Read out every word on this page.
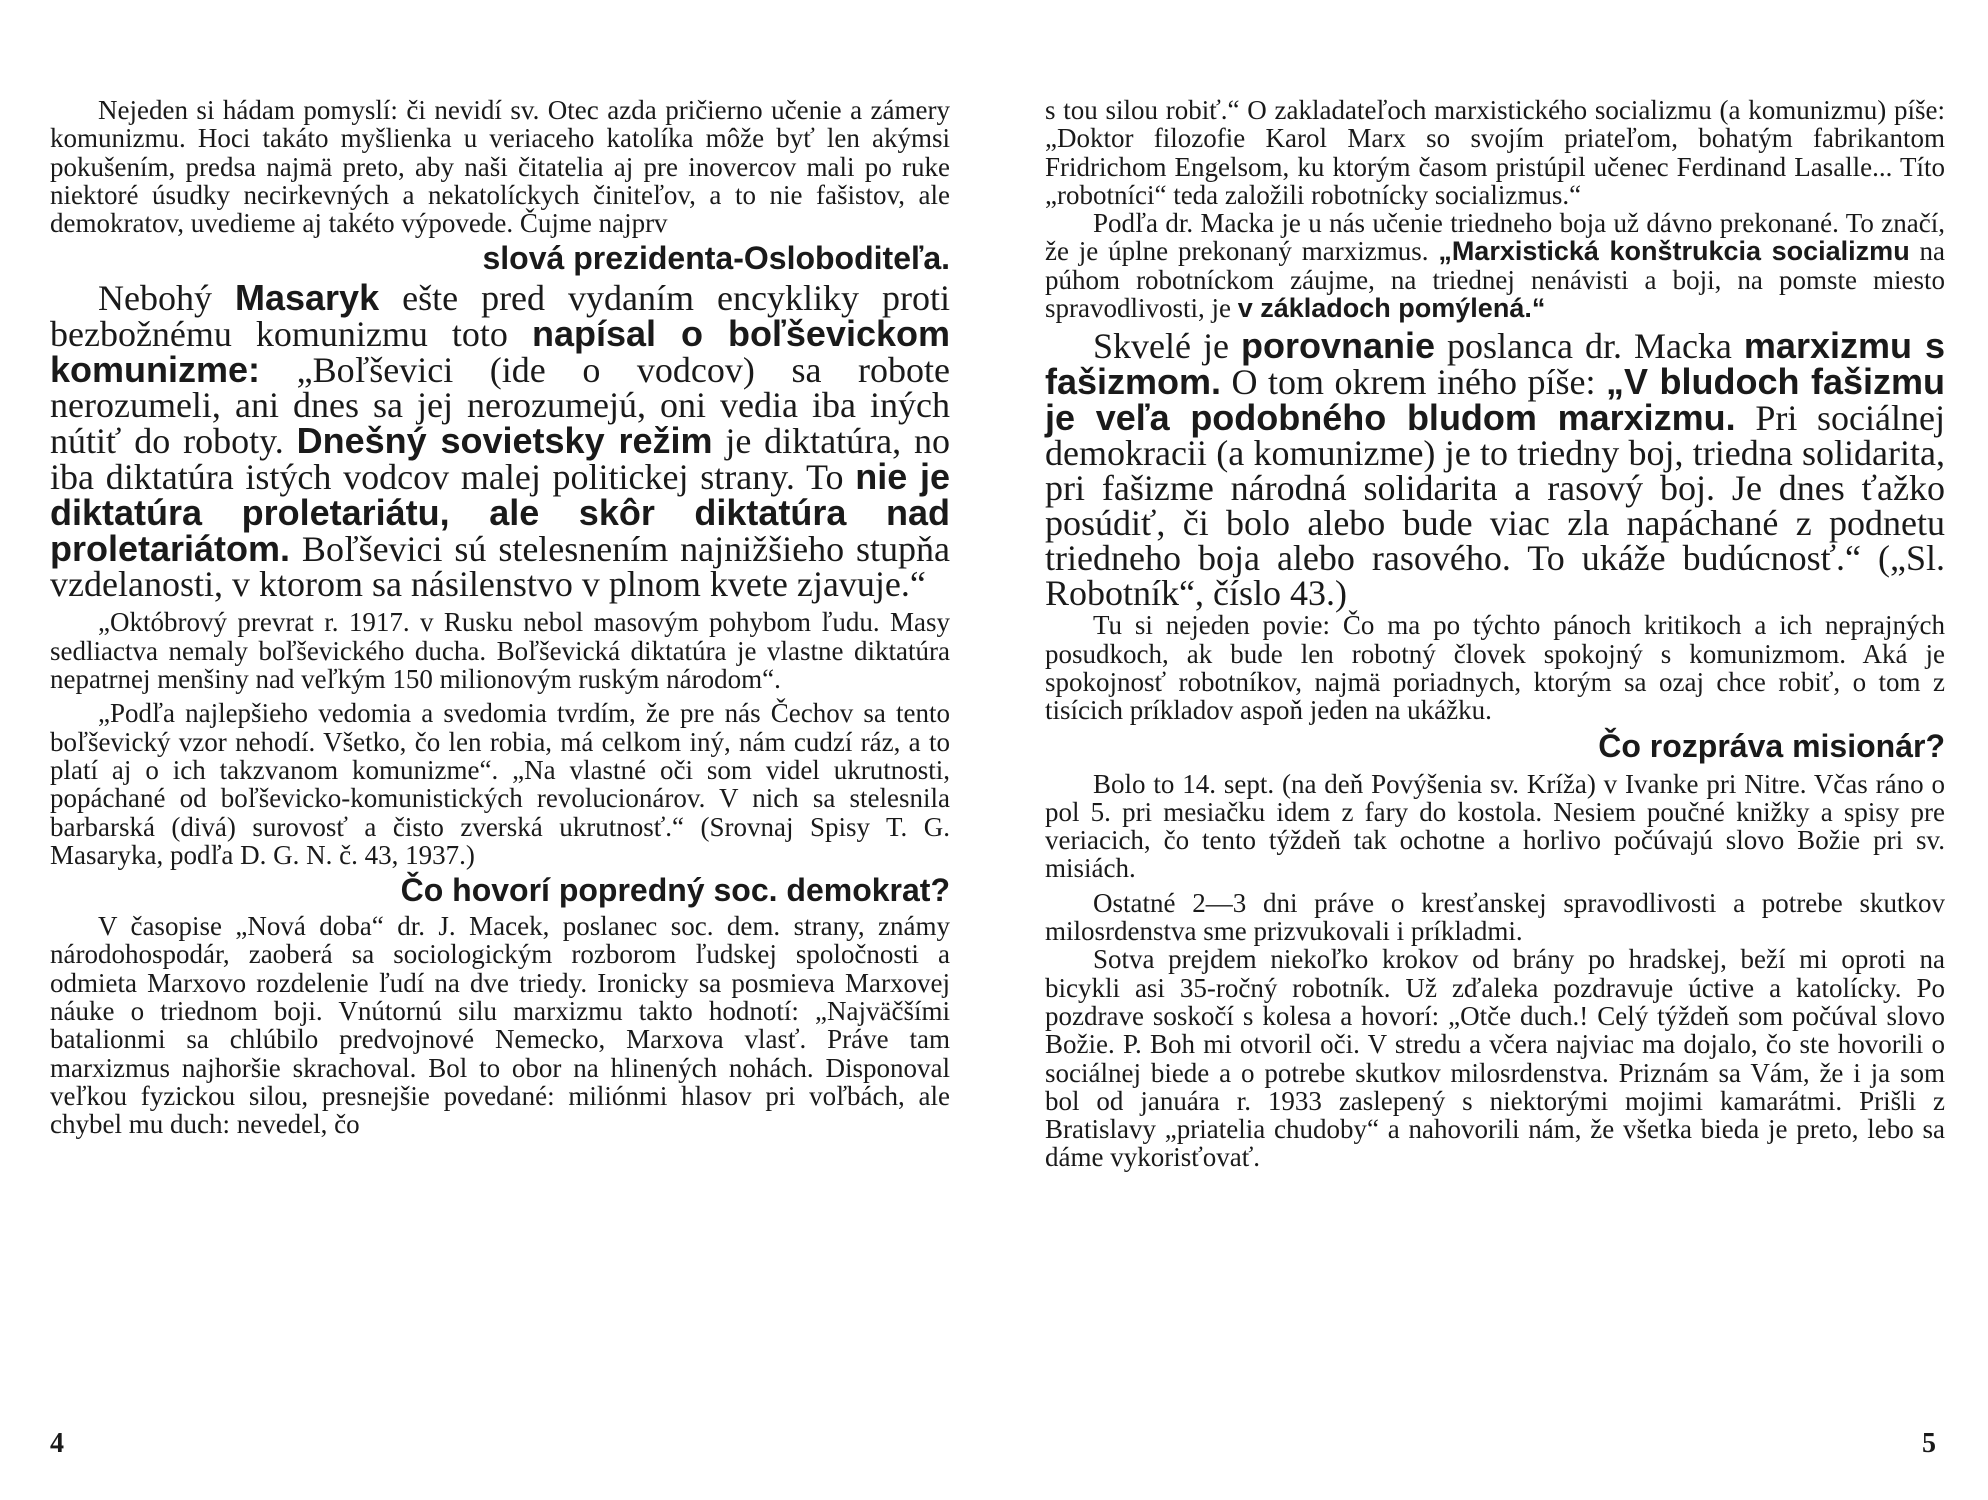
Nejeden si hádam pomyslí: či nevidí sv. Otec azda pričierno učenie a zámery komunizmu. Hoci takáto myšlienka u veriaceho katolíka môže byť len akýmsi pokušením, predsa najmä preto, aby naši čitatelia aj pre inovercov mali po ruke niektoré úsudky necirkevných a nekatolíckych činiteľov, a to nie fašistov, ale demokratov, uvedieme aj takéto výpovede. Čujme najprv

slová prezidenta-Osloboditeľa.

Nebohý Masaryk ešte pred vydaním encykliky proti bezbožnému komunizmu toto napísal o boľševickom komunizme: „Boľševici (ide o vodcov) sa robote nerozumeli, ani dnes sa jej nerozumejú, oni vedia iba iných nútiť do roboty. Dnešný sovietsky režim je diktatúra, no iba diktatúra istých vodcov malej politickej strany. To nie je diktatúra proletariátu, ale skôr diktatúra nad proletariátom. Boľševici sú stelesnením najnižšieho stupňa vzdelanosti, v ktorom sa násilenstvo v plnom kvete zjavuje.“

„Októbrový prevrat r. 1917. v Rusku nebol masovým pohybom ľudu. Masy sedliactva nemaly boľševického ducha. Boľševická diktatúra je vlastne diktatúra nepatrnej menšiny nad veľkým 150 milionovým ruským národom“.

„Podľa najlepšieho vedomia a svedomia tvrdím, že pre nás Čechov sa tento boľševický vzor nehodí. Všetko, čo len robia, má celkom iný, nám cudzí ráz, a to platí aj o ich takzvanom komunizme“. „Na vlastné oči som videl ukrutnosti, popáchané od boľševicko-komunistických revolucionárov. V nich sa stelesnila barbarská (divá) surovosť a čisto zverská ukrutnosť.“ (Srovnaj Spisy T. G. Masaryka, podľa D. G. N. č. 43, 1937.)

Čo hovorí popredný soc. demokrat?

V časopise „Nová doba“ dr. J. Macek, poslanec soc. dem. strany, známy národohospodár, zaoberá sa sociologickým rozborom ľudskej spoločnosti a odmieta Marxovo rozdelenie ľudí na dve triedy. Ironicky sa posmieva Marxovej náuke o triednom boji. Vnútornú silu marxizmu takto hodnotí: „Najväčšími batalionmi sa chlúbilo predvojnové Nemecko, Marxova vlasť. Práve tam marxizmus najhoršie skrachoval. Bol to obor na hlinených nohách. Disponoval veľkou fyzickou silou, presnejšie povedané: miliónmi hlasov pri voľbách, ale chybel mu duch: nevedel, čo

4

s tou silou robiť.“ O zakladateľoch marxistického socializmu (a komunizmu) píše: „Doktor filozofie Karol Marx so svojím priateľom, bohatým fabrikantom Fridrichom Engelsom, ku ktorým časom pristúpil učenec Ferdinand Lasalle... Títo „robotníci“ teda založili robotnícky socializmus.“

Podľa dr. Macka je u nás učenie triedneho boja už dávno prekonané. To značí, že je úplne prekonaný marxizmus. „Marxistická konštrukcia socializmu na púhom robotníckom záujme, na triednej nenávisti a boji, na pomste miesto spravodlivosti, je v základoch pomýlená.“

Skvelé je porovnanie poslanca dr. Macka marxizmu s fašizmom. O tom okrem iného píše: „V bludoch fašizmu je veľa podobného bludom marxizmu. Pri sociálnej demokracii (a komunizme) je to triedny boj, triedna solidarita, pri fašizme národná solidarita a rasový boj. Je dnes ťažko posúdiť, či bolo alebo bude viac zla napáchané z podnetu triedneho boja alebo rasového. To ukáže budúcnosť.“ („Sl. Robotník“, číslo 43.)

Tu si nejeden povie: Čo ma po týchto pánoch kritikoch a ich neprajných posudkoch, ak bude len robotný človek spokojný s komunizmom. Aká je spokojnosť robotníkov, najmä poriadnych, ktorým sa ozaj chce robiť, o tom z tisícich príkladov aspoň jeden na ukážku.

Čo rozpráva misionár?

Bolo to 14. sept. (na deň Povýšenia sv. Kríža) v Ivanke pri Nitre. Včas ráno o pol 5. pri mesiačku idem z fary do kostola. Nesiem poučné knižky a spisy pre veriacich, čo tento týždeň tak ochotne a horlivo počúvajú slovo Božie pri sv. misiách.

Ostatné 2—3 dni práve o kresťanskej spravodlivosti a potrebe skutkov milosrdenstva sme prizvukovali i príkladmi.

Sotva prejdem niekoľko krokov od brány po hradskej, beží mi oproti na bicykli asi 35-ročný robotník. Už zďaleka pozdravuje úctive a katolícky. Po pozdrave soskočí s kolesa a hovorí: „Otče duch.! Celý týždeň som počúval slovo Božie. P. Boh mi otvoril oči. V stredu a včera najviac ma dojalo, čo ste hovorili o sociálnej biede a o potrebe skutkov milosrdenstva. Priznám sa Vám, že i ja som bol od januára r. 1933 zaslepený s niektorými mojimi kamarátmi. Prišli z Bratislavy „priatelia chudoby“ a nahovorili nám, že všetka bieda je preto, lebo sa dáme vykorisťovať.

5
